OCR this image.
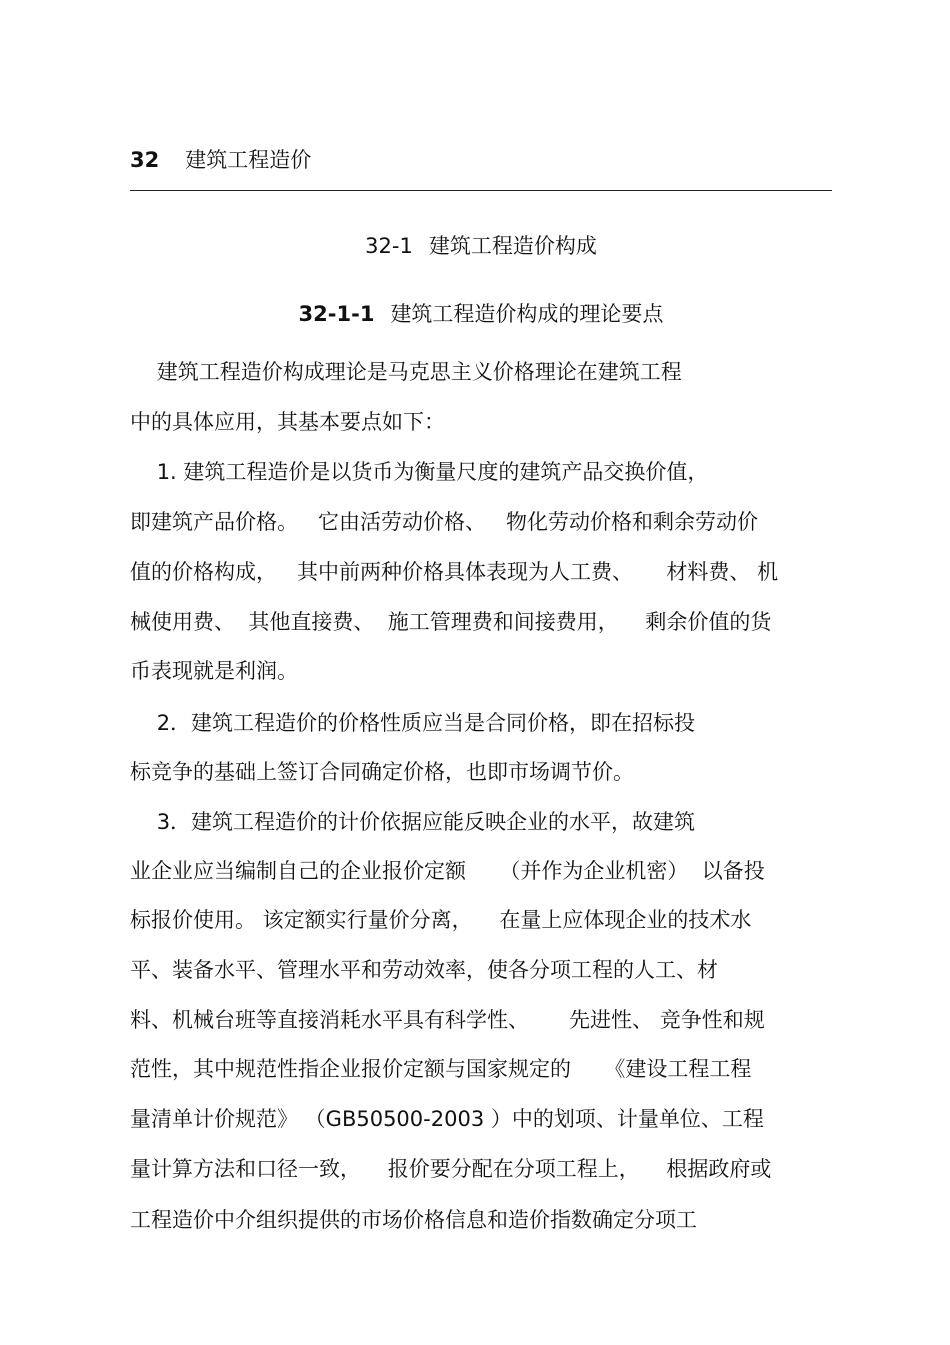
32 建筑工程造价
32-1 建筑工程造价构成
32-1-1 建筑工程造价构成的理论要点
建筑工程造价构成理论是马克思主义价格理论在建筑工程
中的具体应用，其基本要点如下：
1. 建筑工程造价是以货币为衡量尺度的建筑产品交换价值，
即建筑产品价格。   它由活劳动价格、   物化劳动价格和剩余劳动价
值的价格构成，   其中前两种价格具体表现为人工费、     材料费、 机
械使用费、  其他直接费、  施工管理费和间接费用，    剩余价值的货
币表现就是利润。
2．建筑工程造价的价格性质应当是合同价格，即在招标投
标竞争的基础上签订合同确定价格，也即市场调节价。
3．建筑工程造价的计价依据应能反映企业的水平，故建筑
业企业应当编制自己的企业报价定额     （并作为企业机密）  以备投
标报价使用。 该定额实行量价分离，    在量上应体现企业的技术水
平、装备水平、管理水平和劳动效率，使各分项工程的人工、材
料、机械台班等直接消耗水平具有科学性、      先进性、 竞争性和规
范性，其中规范性指企业报价定额与国家规定的     《建设工程工程
量清单计价规范》 （GB50500-2003 ）中的划项、计量单位、工程
量计算方法和口径一致，    报价要分配在分项工程上，    根据政府或
工程造价中介组织提供的市场价格信息和造价指数确定分项工
